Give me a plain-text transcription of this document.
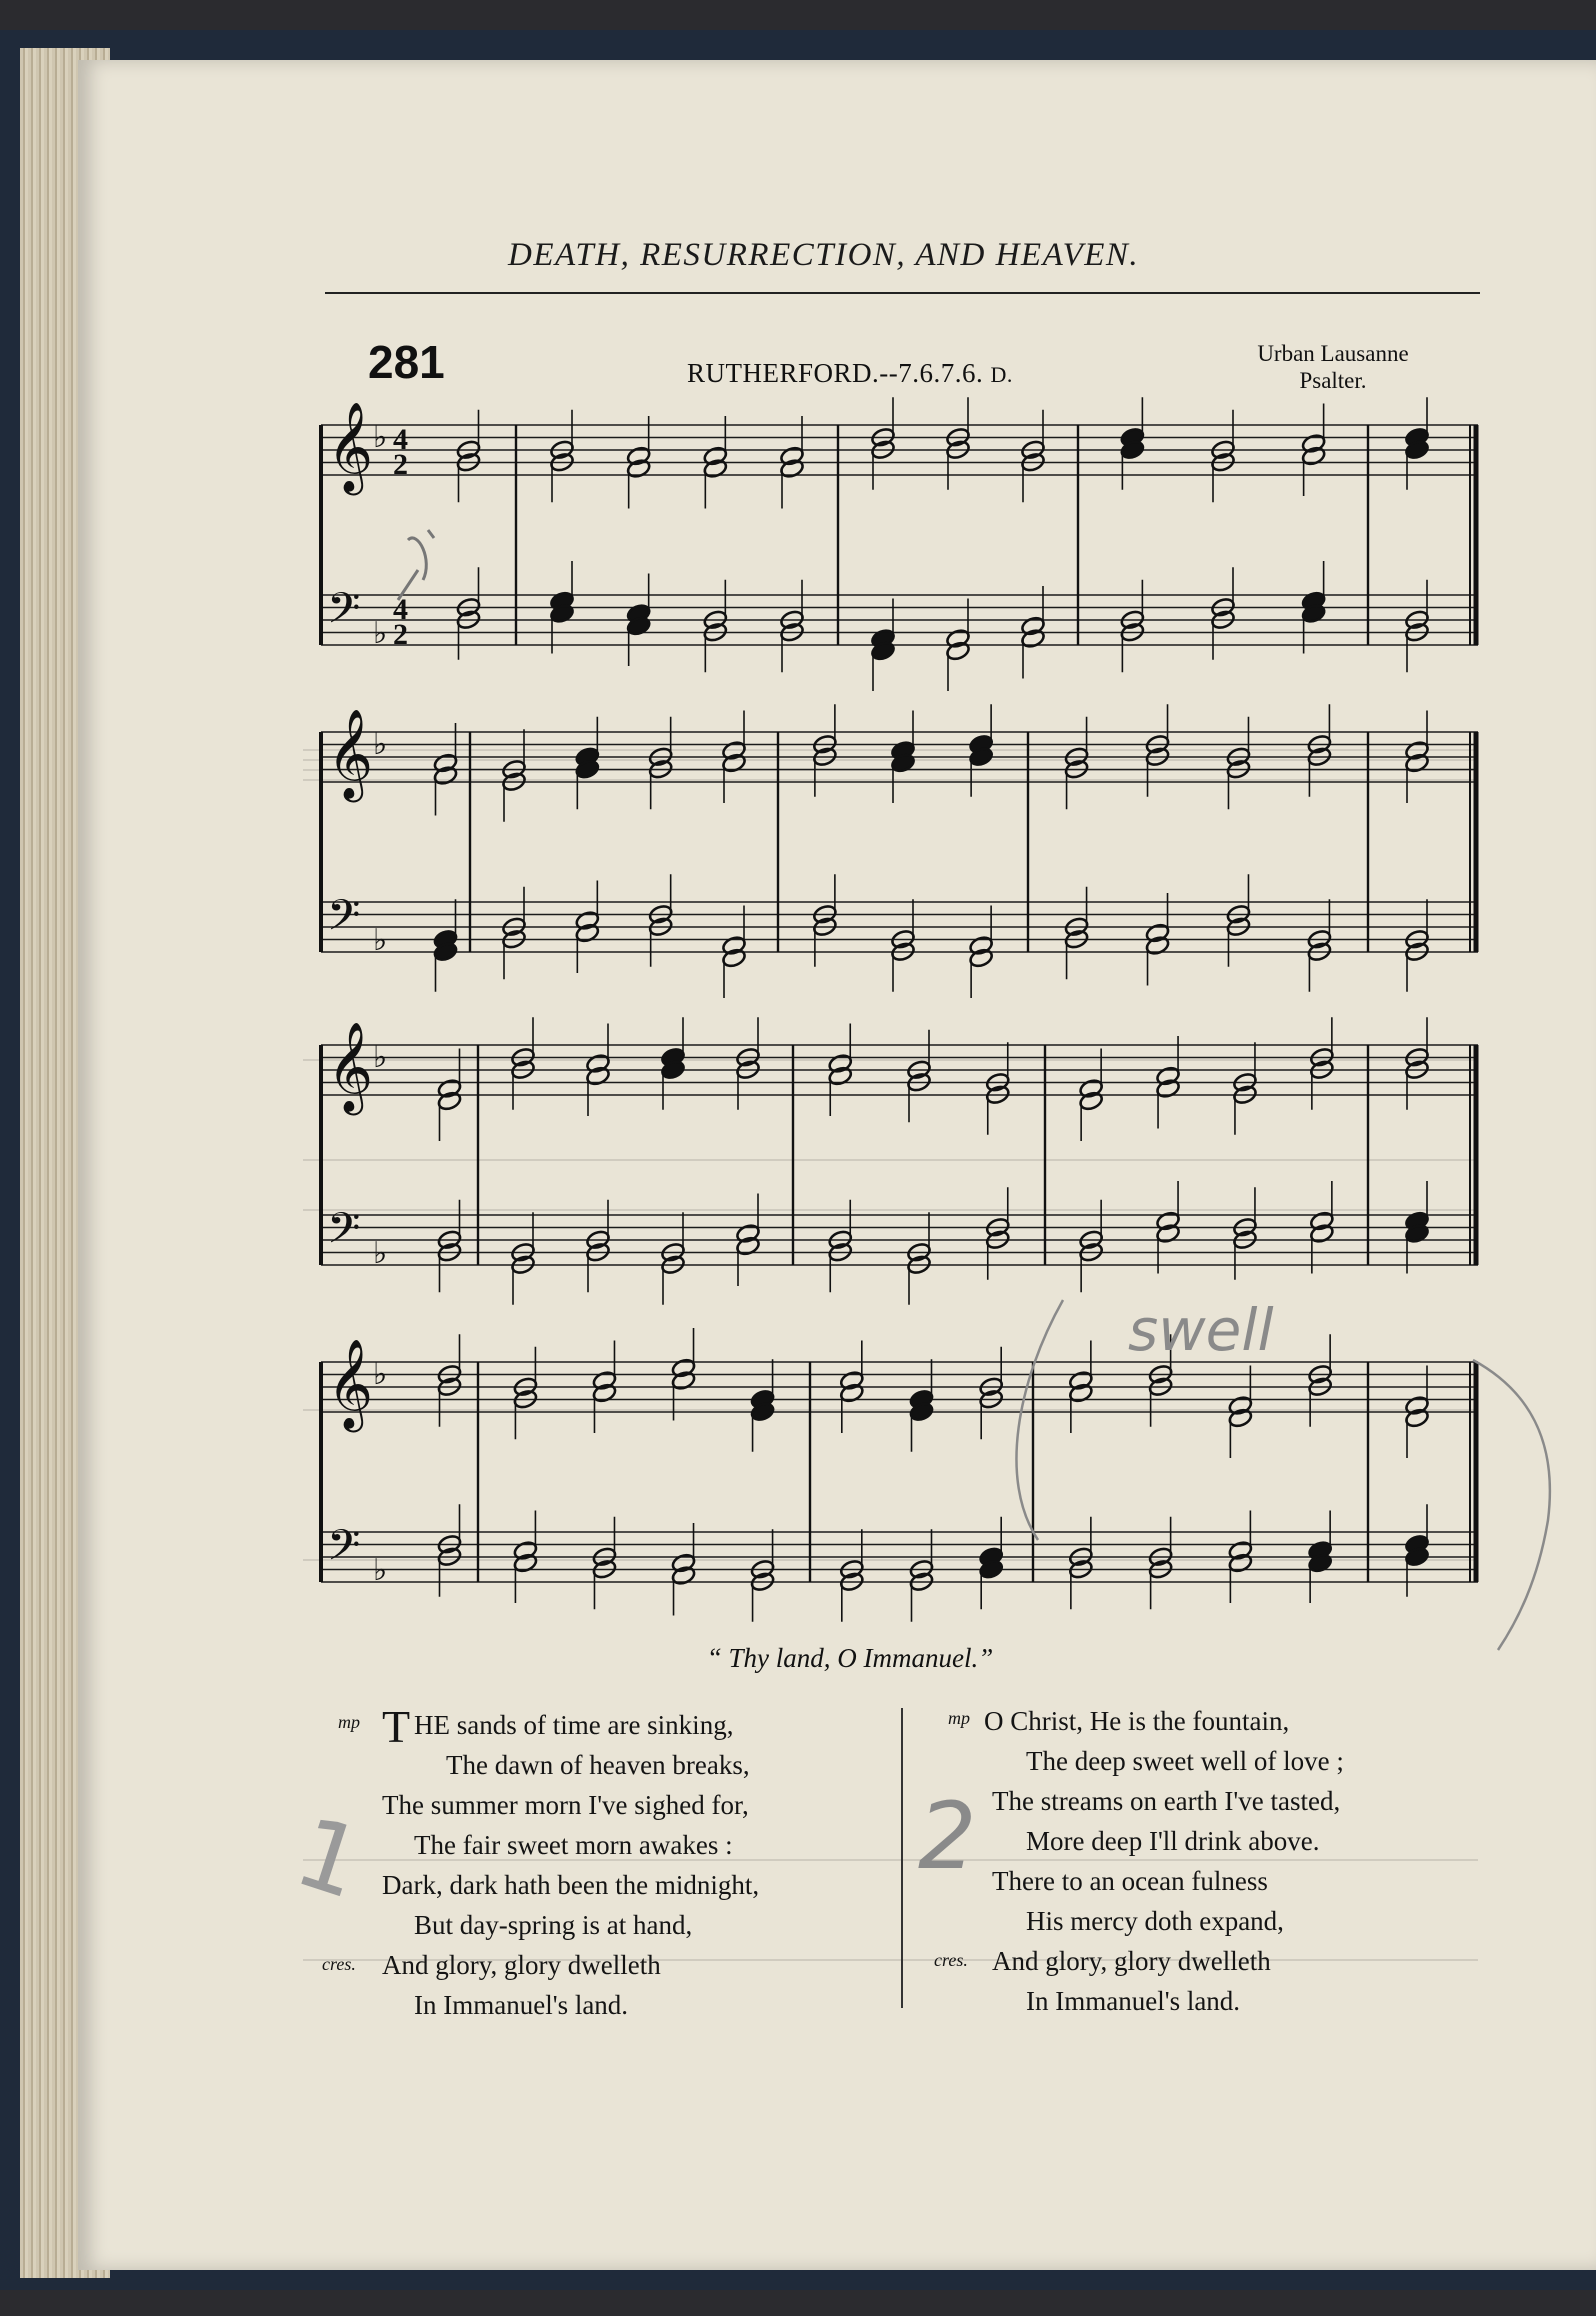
DEATH, RESURRECTION, AND HEAVEN.
281	RUTHERFORD.--7.6.7.6. D.
Urban Lausanne
Psalter.
𝄞 ♭ 4
2
𝄢 ♭
4
2
𝄞 ♭
𝄢 ♭
𝄞 ♭
𝄢 ♭
𝄞 ♭
𝄢 ♭
“ Thy land, O Immanuel.”
mp T HE sands of time are sinking,
The dawn of heaven breaks,
The summer morn I've sighed for,
The fair sweet morn awakes :
Dark, dark hath been the midnight,
But day-spring is at hand,
cres. And glory, glory dwelleth
In Immanuel's land.
mp O Christ, He is the fountain,
The deep sweet well of love ;
The streams on earth I've tasted,
More deep I'll drink above.
There to an ocean fulness
His mercy doth expand,
cres. And glory, glory dwelleth
In Immanuel's land.
swell
1	2
